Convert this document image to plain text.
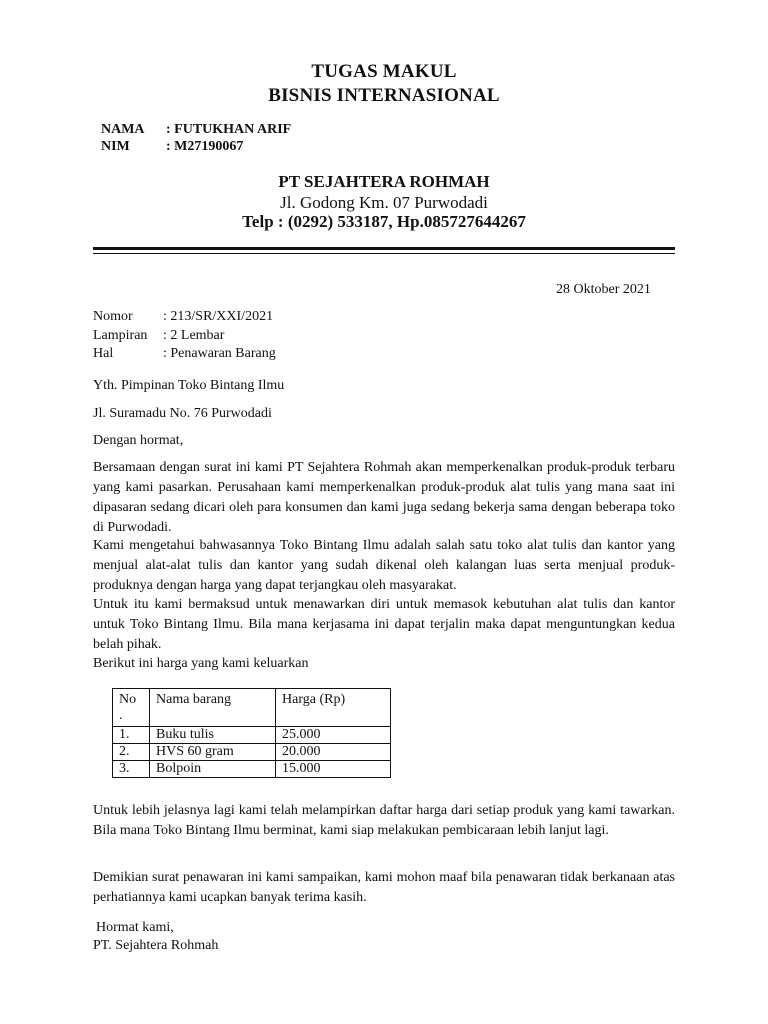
TUGAS MAKUL
BISNIS INTERNASIONAL
NAMA : FUTUKHAN ARIF
NIM	: M27190067
PT SEJAHTERA ROHMAH
Jl. Godong Km. 07 Purwodadi
Telp : (0292) 533187, Hp.085727644267
28 Oktober 2021
Nomor : 213/SR/XXI/2021
Lampiran : 2 Lembar
Hal	: Penawaran Barang
Yth. Pimpinan Toko Bintang Ilmu
Jl. Suramadu No. 76 Purwodadi
Dengan hormat,
Bersamaan dengan surat ini kami PT Sejahtera Rohmah akan memperkenalkan produk-produk terbaru yang kami pasarkan. Perusahaan kami memperkenalkan produk-produk alat tulis yang mana saat ini dipasaran sedang dicari oleh para konsumen dan kami juga sedang bekerja sama dengan beberapa toko di Purwodadi.
Kami mengetahui bahwasannya Toko Bintang Ilmu adalah salah satu toko alat tulis dan kantor yang menjual alat-alat tulis dan kantor yang sudah dikenal oleh kalangan luas serta menjual produk-produknya dengan harga yang dapat terjangkau oleh masyarakat.
Untuk itu kami bermaksud untuk menawarkan diri untuk memasok kebutuhan alat tulis dan kantor untuk Toko Bintang Ilmu. Bila mana kerjasama ini dapat terjalin maka dapat menguntungkan kedua belah pihak.
Berikut ini harga yang kami keluarkan
No
.	Nama barang	Harga (Rp)
1.	Buku tulis	25.000
2.	HVS 60 gram	20.000
3.	Bolpoin	15.000
Untuk lebih jelasnya lagi kami telah melampirkan daftar harga dari setiap produk yang kami tawarkan. Bila mana Toko Bintang Ilmu berminat, kami siap melakukan pembicaraan lebih lanjut lagi.
Demikian surat penawaran ini kami sampaikan, kami mohon maaf bila penawaran tidak berkanaan atas perhatiannya kami ucapkan banyak terima kasih.
Hormat kami,
PT. Sejahtera Rohmah
